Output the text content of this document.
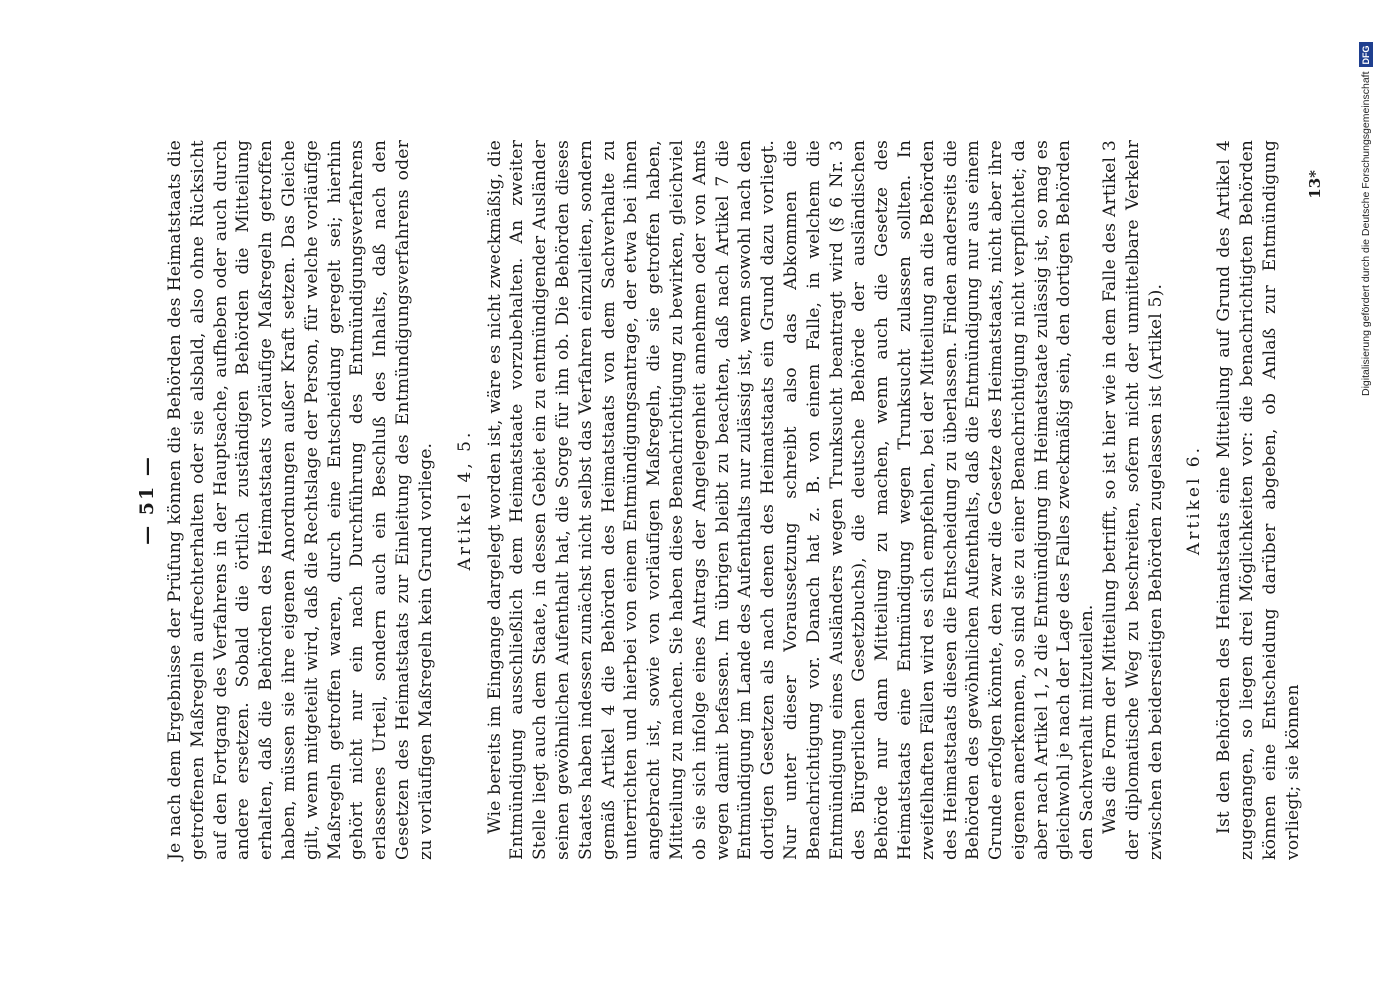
— 51 — Je nach dem Ergebnisse der Prüfung können die Behörden des Heimatstaats die getroffenen Maßregeln aufrechterhalten oder sie alsbald, also ohne Rücksicht auf den Fortgang des Verfahrens in der Hauptsache, aufheben oder auch durch andere ersetzen. Sobald die örtlich zuständigen Behörden die Mitteilung erhalten, daß die Behörden des Heimatstaats vorläufige Maßregeln getroffen haben, müssen sie ihre eigenen Anordnungen außer Kraft setzen. Das Gleiche gilt, wenn mitgeteilt wird, daß die Rechtslage der Person, für welche vorläufige Maßregeln getroffen waren, durch eine Entscheidung geregelt sei; hierhin gehört nicht nur ein nach Durchführung des Entmündigungsverfahrens erlassenes Urteil, sondern auch ein Beschluß des Inhalts, daß nach den Gesetzen des Heimatstaats zur Einleitung des Entmündigungsverfahrens oder zu vorläufigen Maßregeln kein Grund vorliege. Artikel 4, 5. Wie bereits im Eingange dargelegt worden ist, wäre es nicht zweckmäßig, die Entmündigung ausschließlich dem Heimatstaate vorzubehalten. An zweiter Stelle liegt auch dem Staate, in dessen Gebiet ein zu entmündigender Ausländer seinen gewöhnlichen Aufenthalt hat, die Sorge für ihn ob. Die Behörden dieses Staates haben indessen zunächst nicht selbst das Verfahren einzuleiten, sondern gemäß Artikel 4 die Behörden des Heimatstaats von dem Sachverhalte zu unterrichten und hierbei von einem Entmündigungsantrage, der etwa bei ihnen angebracht ist, sowie von vorläufigen Maßregeln, die sie getroffen haben, Mitteilung zu machen. Sie haben diese Benachrichtigung zu bewirken, gleichviel ob sie sich infolge eines Antrags der Angelegenheit annehmen oder von Amts wegen damit befassen. Im übrigen bleibt zu beachten, daß nach Artikel 7 die Entmündigung im Lande des Aufenthalts nur zulässig ist, wenn sowohl nach den dortigen Gesetzen als nach denen des Heimatstaats ein Grund dazu vorliegt. Nur unter dieser Voraussetzung schreibt also das Abkommen die Benachrichtigung vor. Danach hat z. B. von einem Falle, in welchem die Entmündigung eines Ausländers wegen Trunksucht beantragt wird (§ 6 Nr. 3 des Bürgerlichen Gesetzbuchs), die deutsche Behörde der ausländischen Behörde nur dann Mitteilung zu machen, wenn auch die Gesetze des Heimatstaats eine Entmündigung wegen Trunksucht zulassen sollten. In zweifelhaften Fällen wird es sich empfehlen, bei der Mitteilung an die Behörden des Heimatstaats diesen die Entscheidung zu überlassen. Finden anderseits die Behörden des gewöhnlichen Aufenthalts, daß die Entmündigung nur aus einem Grunde erfolgen könnte, den zwar die Gesetze des Heimatstaats, nicht aber ihre eigenen anerkennen, so sind sie zu einer Benachrichtigung nicht verpflichtet; da aber nach Artikel 1, 2 die Entmündigung im Heimatstaate zulässig ist, so mag es gleichwohl je nach der Lage des Falles zweckmäßig sein, den dortigen Behörden den Sachverhalt mitzuteilen. Was die Form der Mitteilung betrifft, so ist hier wie in dem Falle des Artikel 3 der diplomatische Weg zu beschreiten, sofern nicht der unmittelbare Verkehr zwischen den beiderseitigen Behörden zugelassen ist (Artikel 5). Artikel 6. Ist den Behörden des Heimatstaats eine Mitteilung auf Grund des Artikel 4 zugegangen, so liegen drei Möglichkeiten vor: die benachrichtigten Behörden können eine Entscheidung darüber abgeben, ob Anlaß zur Entmündigung vorliegt; sie können

13*	Digitalisierung gefördert durch die Deutsche ForschungsgemeinschaftDFG
